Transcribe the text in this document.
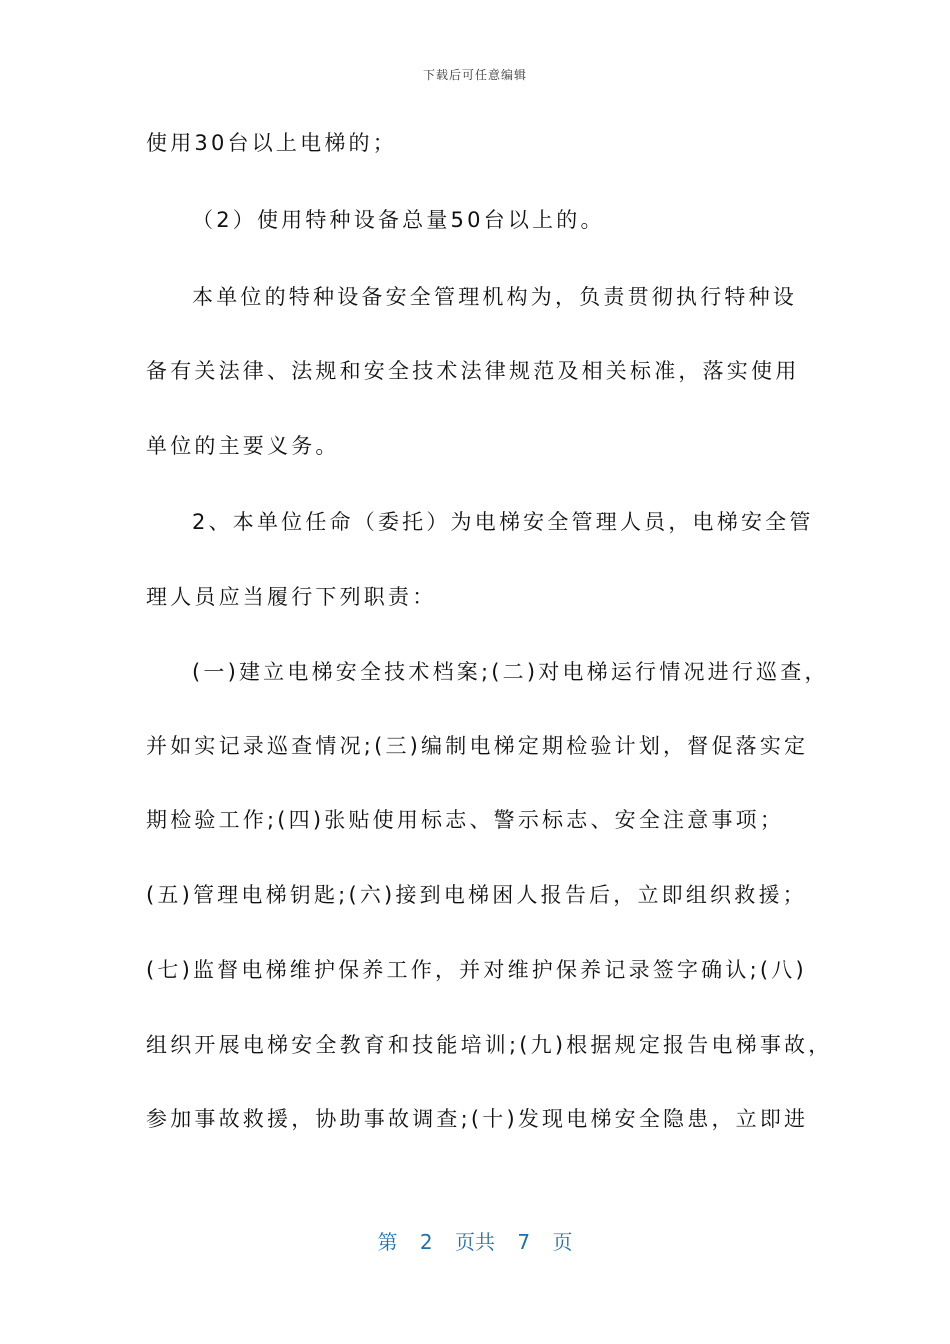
下载后可任意编辑
使用30台以上电梯的；
（2）使用特种设备总量50台以上的。
本单位的特种设备安全管理机构为，负责贯彻执行特种设
备有关法律、法规和安全技术法律规范及相关标准，落实使用
单位的主要义务。
2、本单位任命（委托）为电梯安全管理人员，电梯安全管
理人员应当履行下列职责：
(一)建立电梯安全技术档案;(二)对电梯运行情况进行巡查，
并如实记录巡查情况;(三)编制电梯定期检验计划，督促落实定
期检验工作;(四)张贴使用标志、警示标志、安全注意事项；
(五)管理电梯钥匙;(六)接到电梯困人报告后，立即组织救援；
(七)监督电梯维护保养工作，并对维护保养记录签字确认;(八)
组织开展电梯安全教育和技能培训;(九)根据规定报告电梯事故，
参加事故救援，协助事故调查;(十)发现电梯安全隐患，立即进
第 2 页共 7 页
